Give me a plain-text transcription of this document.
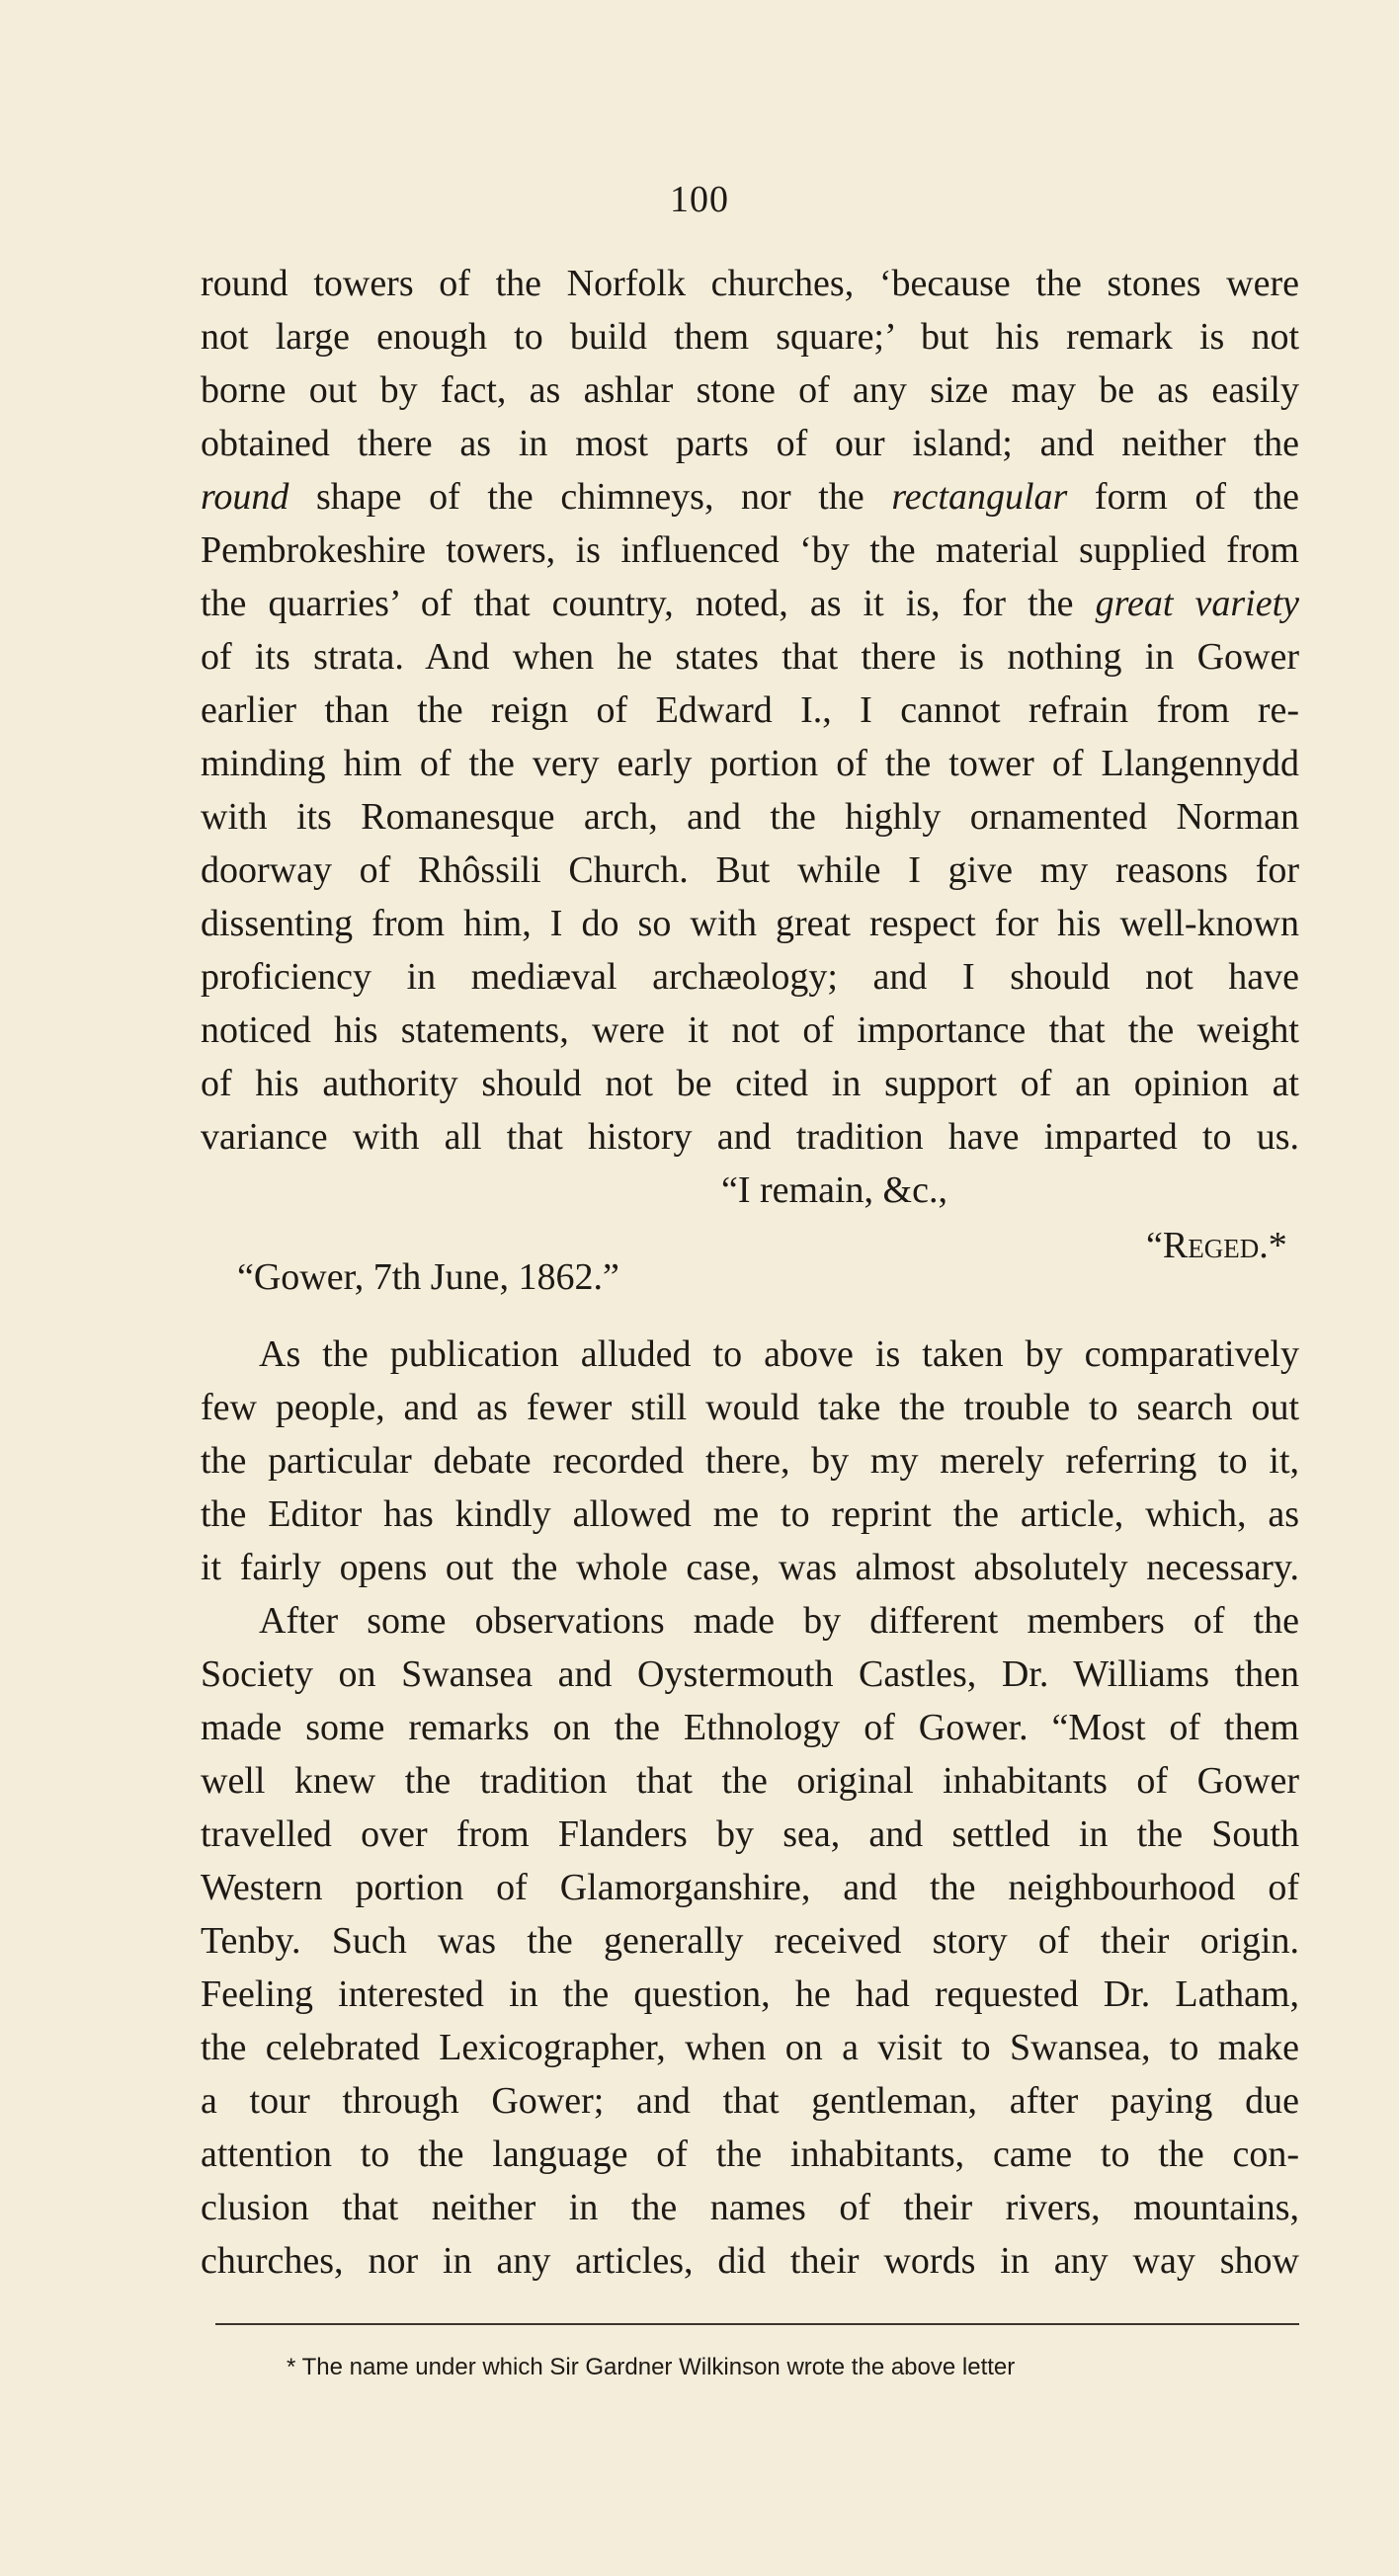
100
round towers of the Norfolk churches, ‘because the stones were
not large enough to build them square;’ but his remark is not
borne out by fact, as ashlar stone of any size may be as easily
obtained there as in most parts of our island; and neither the
round shape of the chimneys, nor the rectangular form of the
Pembrokeshire towers, is influenced ‘by the material supplied from
the quarries’ of that country, noted, as it is, for the great variety
of its strata. And when he states that there is nothing in Gower
earlier than the reign of Edward I., I cannot refrain from re-
minding him of the very early portion of the tower of Llangennydd
with its Romanesque arch, and the highly ornamented Norman
doorway of Rhôssili Church. But while I give my reasons for
dissenting from him, I do so with great respect for his well-known
proficiency in mediæval archæology; and I should not have
noticed his statements, were it not of importance that the weight
of his authority should not be cited in support of an opinion at
variance with all that history and tradition have imparted to us.
“I remain, &c.,
“Reged.*
“Gower, 7th June, 1862.”
As the publication alluded to above is taken by comparatively
few people, and as fewer still would take the trouble to search out
the particular debate recorded there, by my merely referring to it,
the Editor has kindly allowed me to reprint the article, which, as
it fairly opens out the whole case, was almost absolutely necessary.
After some observations made by different members of the
Society on Swansea and Oystermouth Castles, Dr. Williams then
made some remarks on the Ethnology of Gower. “Most of them
well knew the tradition that the original inhabitants of Gower
travelled over from Flanders by sea, and settled in the South
Western portion of Glamorganshire, and the neighbourhood of
Tenby. Such was the generally received story of their origin.
Feeling interested in the question, he had requested Dr. Latham,
the celebrated Lexicographer, when on a visit to Swansea, to make
a tour through Gower; and that gentleman, after paying due
attention to the language of the inhabitants, came to the con-
clusion that neither in the names of their rivers, mountains,
churches, nor in any articles, did their words in any way show
* The name under which Sir Gardner Wilkinson wrote the above letter
